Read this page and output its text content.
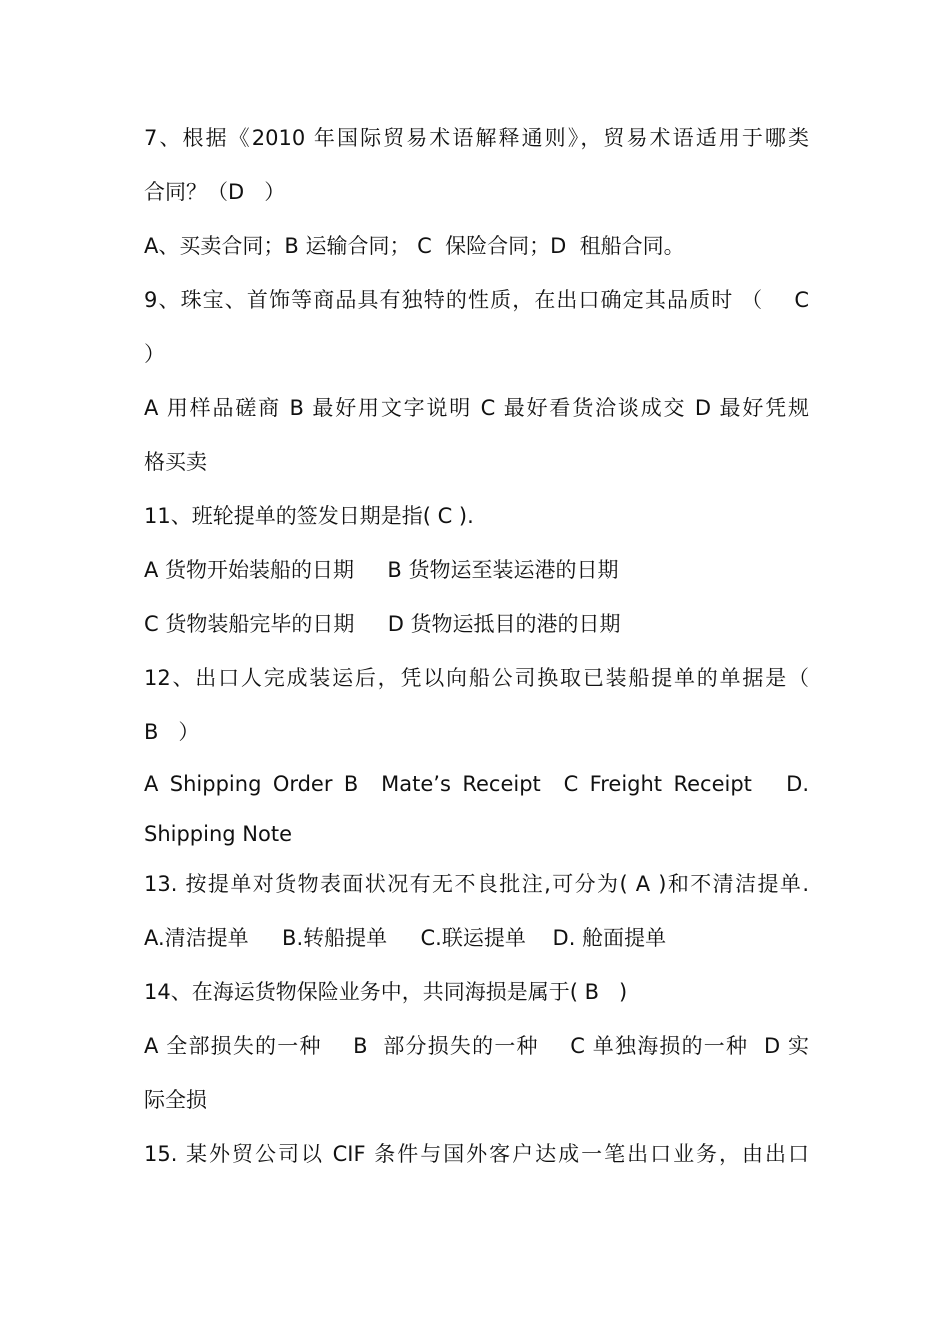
7、根据《2010 年国际贸易术语解释通则》，贸易术语适用于哪类
合同？（D   ）
A、买卖合同；B 运输合同； C  保险合同；D  租船合同。
9、珠宝、首饰等商品具有独特的性质，在出口确定其品质时 （    C
）
A 用样品磋商 B 最好用文字说明 C 最好看货洽谈成交 D 最好凭规
格买卖
11、班轮提单的签发日期是指( C ).
A 货物开始装船的日期     B 货物运至装运港的日期
C 货物装船完毕的日期     D 货物运抵目的港的日期
12、出口人完成装运后，凭以向船公司换取已装船提单的单据是（
B   ）
A Shipping Order B  Mate’s Receipt  C Freight Receipt   D.
Shipping Note
13. 按提单对货物表面状况有无不良批注,可分为( A )和不清洁提单.
A.清洁提单     B.转船提单     C.联运提单    D. 舱面提单
14、在海运货物保险业务中，共同海损是属于( B   )
A 全部损失的一种    B  部分损失的一种    C 单独海损的一种  D 实
际全损
15. 某外贸公司以 CIF 条件与国外客户达成一笔出口业务，由出口
